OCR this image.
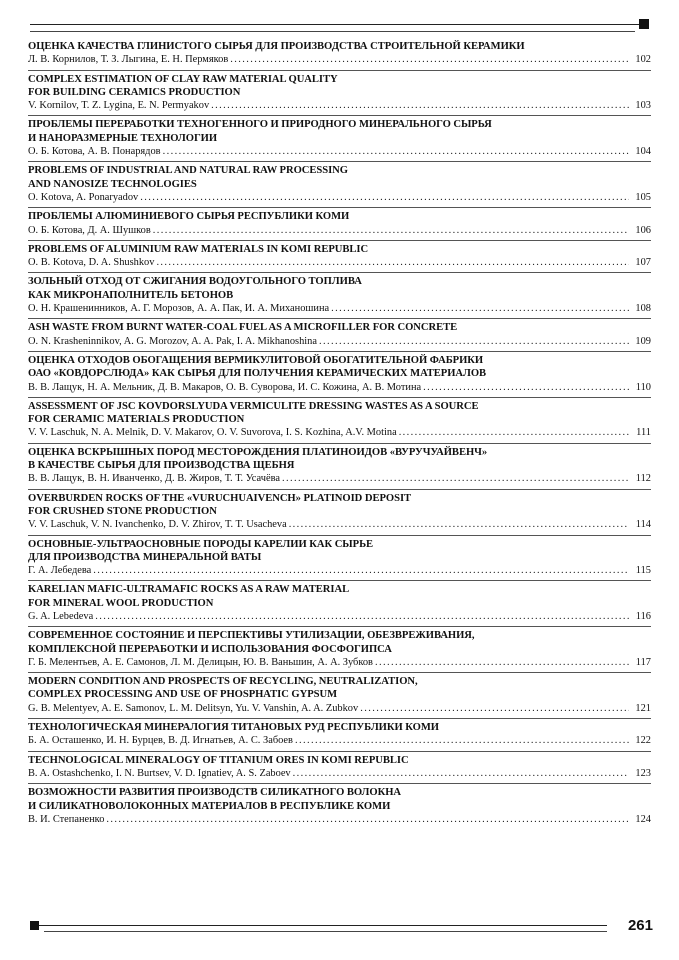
ОЦЕНКА КАЧЕСТВА ГЛИНИСТОГО СЫРЬЯ ДЛЯ ПРОИЗВОДСТВА СТРОИТЕЛЬНОЙ КЕРАМИКИ
Л. В. Корнилов, Т. З. Лыгина, Е. Н. Пермяков .....	102
COMPLEX ESTIMATION OF CLAY RAW MATERIAL QUALITY
FOR BUILDING CERAMICS PRODUCTION
V. Kornilov, T. Z. Lygina, E. N. Permyakov .....	103
ПРОБЛЕМЫ ПЕРЕРАБОТКИ ТЕХНОГЕННОГО И ПРИРОДНОГО МИНЕРАЛЬНОГО СЫРЬЯ
И НАНОРАЗМЕРНЫЕ ТЕХНОЛОГИИ
О. Б. Котова, А. В. Понарядов .....	104
PROBLEMS OF INDUSTRIAL AND NATURAL RAW PROCESSING
AND NANOSIZE TECHNOLOGIES
O. Kotova, A. Ponaryadov .....	105
ПРОБЛЕМЫ АЛЮМИНИЕВОГО СЫРЬЯ РЕСПУБЛИКИ КОМИ
О. Б. Котова, Д. А. Шушков .....	106
PROBLEMS OF ALUMINIUM RAW MATERIALS IN KOMI REPUBLIC
O. B. Kotova, D. A. Shushkov .....	107
ЗОЛЬНЫЙ ОТХОД ОТ СЖИГАНИЯ ВОДОУГОЛЬНОГО ТОПЛИВА
КАК МИКРОНАПОЛНИТЕЛЬ БЕТОНОВ
О. Н. Крашенинников, А. Г. Морозов, А. А. Пак, И. А. Миханошина .....	108
ASH WASTE FROM BURNT WATER-COAL FUEL AS A MICROFILLER FOR CONCRETE
O. N. Krasheninnikov, A. G. Morozov, A. A. Pak, I. A. Mikhanoshina .....	109
ОЦЕНКА ОТХОДОВ ОБОГАЩЕНИЯ ВЕРМИКУЛИТОВОЙ ОБОГАТИТЕЛЬНОЙ ФАБРИКИ
ОАО «КОВДОРСЛЮДА» КАК СЫРЬЯ ДЛЯ ПОЛУЧЕНИЯ КЕРАМИЧЕСКИХ МАТЕРИАЛОВ
В. В. Лащук, Н. А. Мельник, Д. В. Макаров, О. В. Суворова, И. С. Кожина, А. В. Мотина .....	110
ASSESSMENT OF JSC KOVDORSLYUDA VERMICULITE DRESSING WASTES AS A SOURCE
FOR CERAMIC MATERIALS PRODUCTION
V. V. Laschuk, N. A. Melnik, D. V. Makarov, O. V. Suvorova, I. S. Kozhina, A.V. Motina .....	111
ОЦЕНКА ВСКРЫШНЫХ ПОРОД МЕСТОРОЖДЕНИЯ ПЛАТИНОИДОВ «ВУРУЧУАЙВЕНЧ»
В КАЧЕСТВЕ СЫРЬЯ ДЛЯ ПРОИЗВОДСТВА ЩЕБНЯ
В. В. Лащук, В. Н. Иванченко, Д. В. Жиров, Т. Т. Усачёва .....	112
OVERBURDEN ROCKS OF THE «VURUCHUAIVENCH» PLATINOID DEPOSIT
FOR CRUSHED STONE PRODUCTION
V. V. Laschuk, V. N. Ivanchenko, D. V. Zhirov, T. T. Usacheva .....	114
ОСНОВНЫЕ-УЛЬТРАОСНОВНЫЕ ПОРОДЫ КАРЕЛИИ КАК СЫРЬЕ
ДЛЯ ПРОИЗВОДСТВА МИНЕРАЛЬНОЙ ВАТЫ
Г. А. Лебедева .....	115
KARELIAN MAFIC-ULTRAMAFIC ROCKS AS A RAW MATERIAL
FOR MINERAL WOOL PRODUCTION
G. A. Lebedeva .....	116
СОВРЕМЕННОЕ СОСТОЯНИЕ И ПЕРСПЕКТИВЫ УТИЛИЗАЦИИ, ОБЕЗВРЕЖИВАНИЯ,
КОМПЛЕКСНОЙ ПЕРЕРАБОТКИ И ИСПОЛЬЗОВАНИЯ ФОСФОГИПСА
Г. Б. Мелентьев, А. Е. Самонов, Л. М. Делицын, Ю. В. Ваньшин, А. А. Зубков .....	117
MODERN CONDITION AND PROSPECTS OF RECYCLING, NEUTRALIZATION,
COMPLEX PROCESSING AND USE OF PHOSPHATIC GYPSUM
G. B. Melentyev, A. E. Samonov, L. M. Delitsyn, Yu. V. Vanshin, A. A. Zubkov .....	121
ТЕХНОЛОГИЧЕСКАЯ МИНЕРАЛОГИЯ ТИТАНОВЫХ РУД РЕСПУБЛИКИ КОМИ
Б. А. Осташенко, И. Н. Бурцев, В. Д. Игнатьев, А. С. Забоев .....	122
TECHNOLOGICAL MINERALOGY OF TITANIUM ORES IN KOMI REPUBLIC
B. A. Ostashchenko, I. N. Burtsev, V. D. Ignatiev, A. S. Zaboev .....	123
ВОЗМОЖНОСТИ РАЗВИТИЯ ПРОИЗВОДСТВ СИЛИКАТНОГО ВОЛОКНА
И СИЛИКАТНОВОЛОКОННЫХ МАТЕРИАЛОВ В РЕСПУБЛИКЕ КОМИ
В. И. Степаненко .....	124
261
